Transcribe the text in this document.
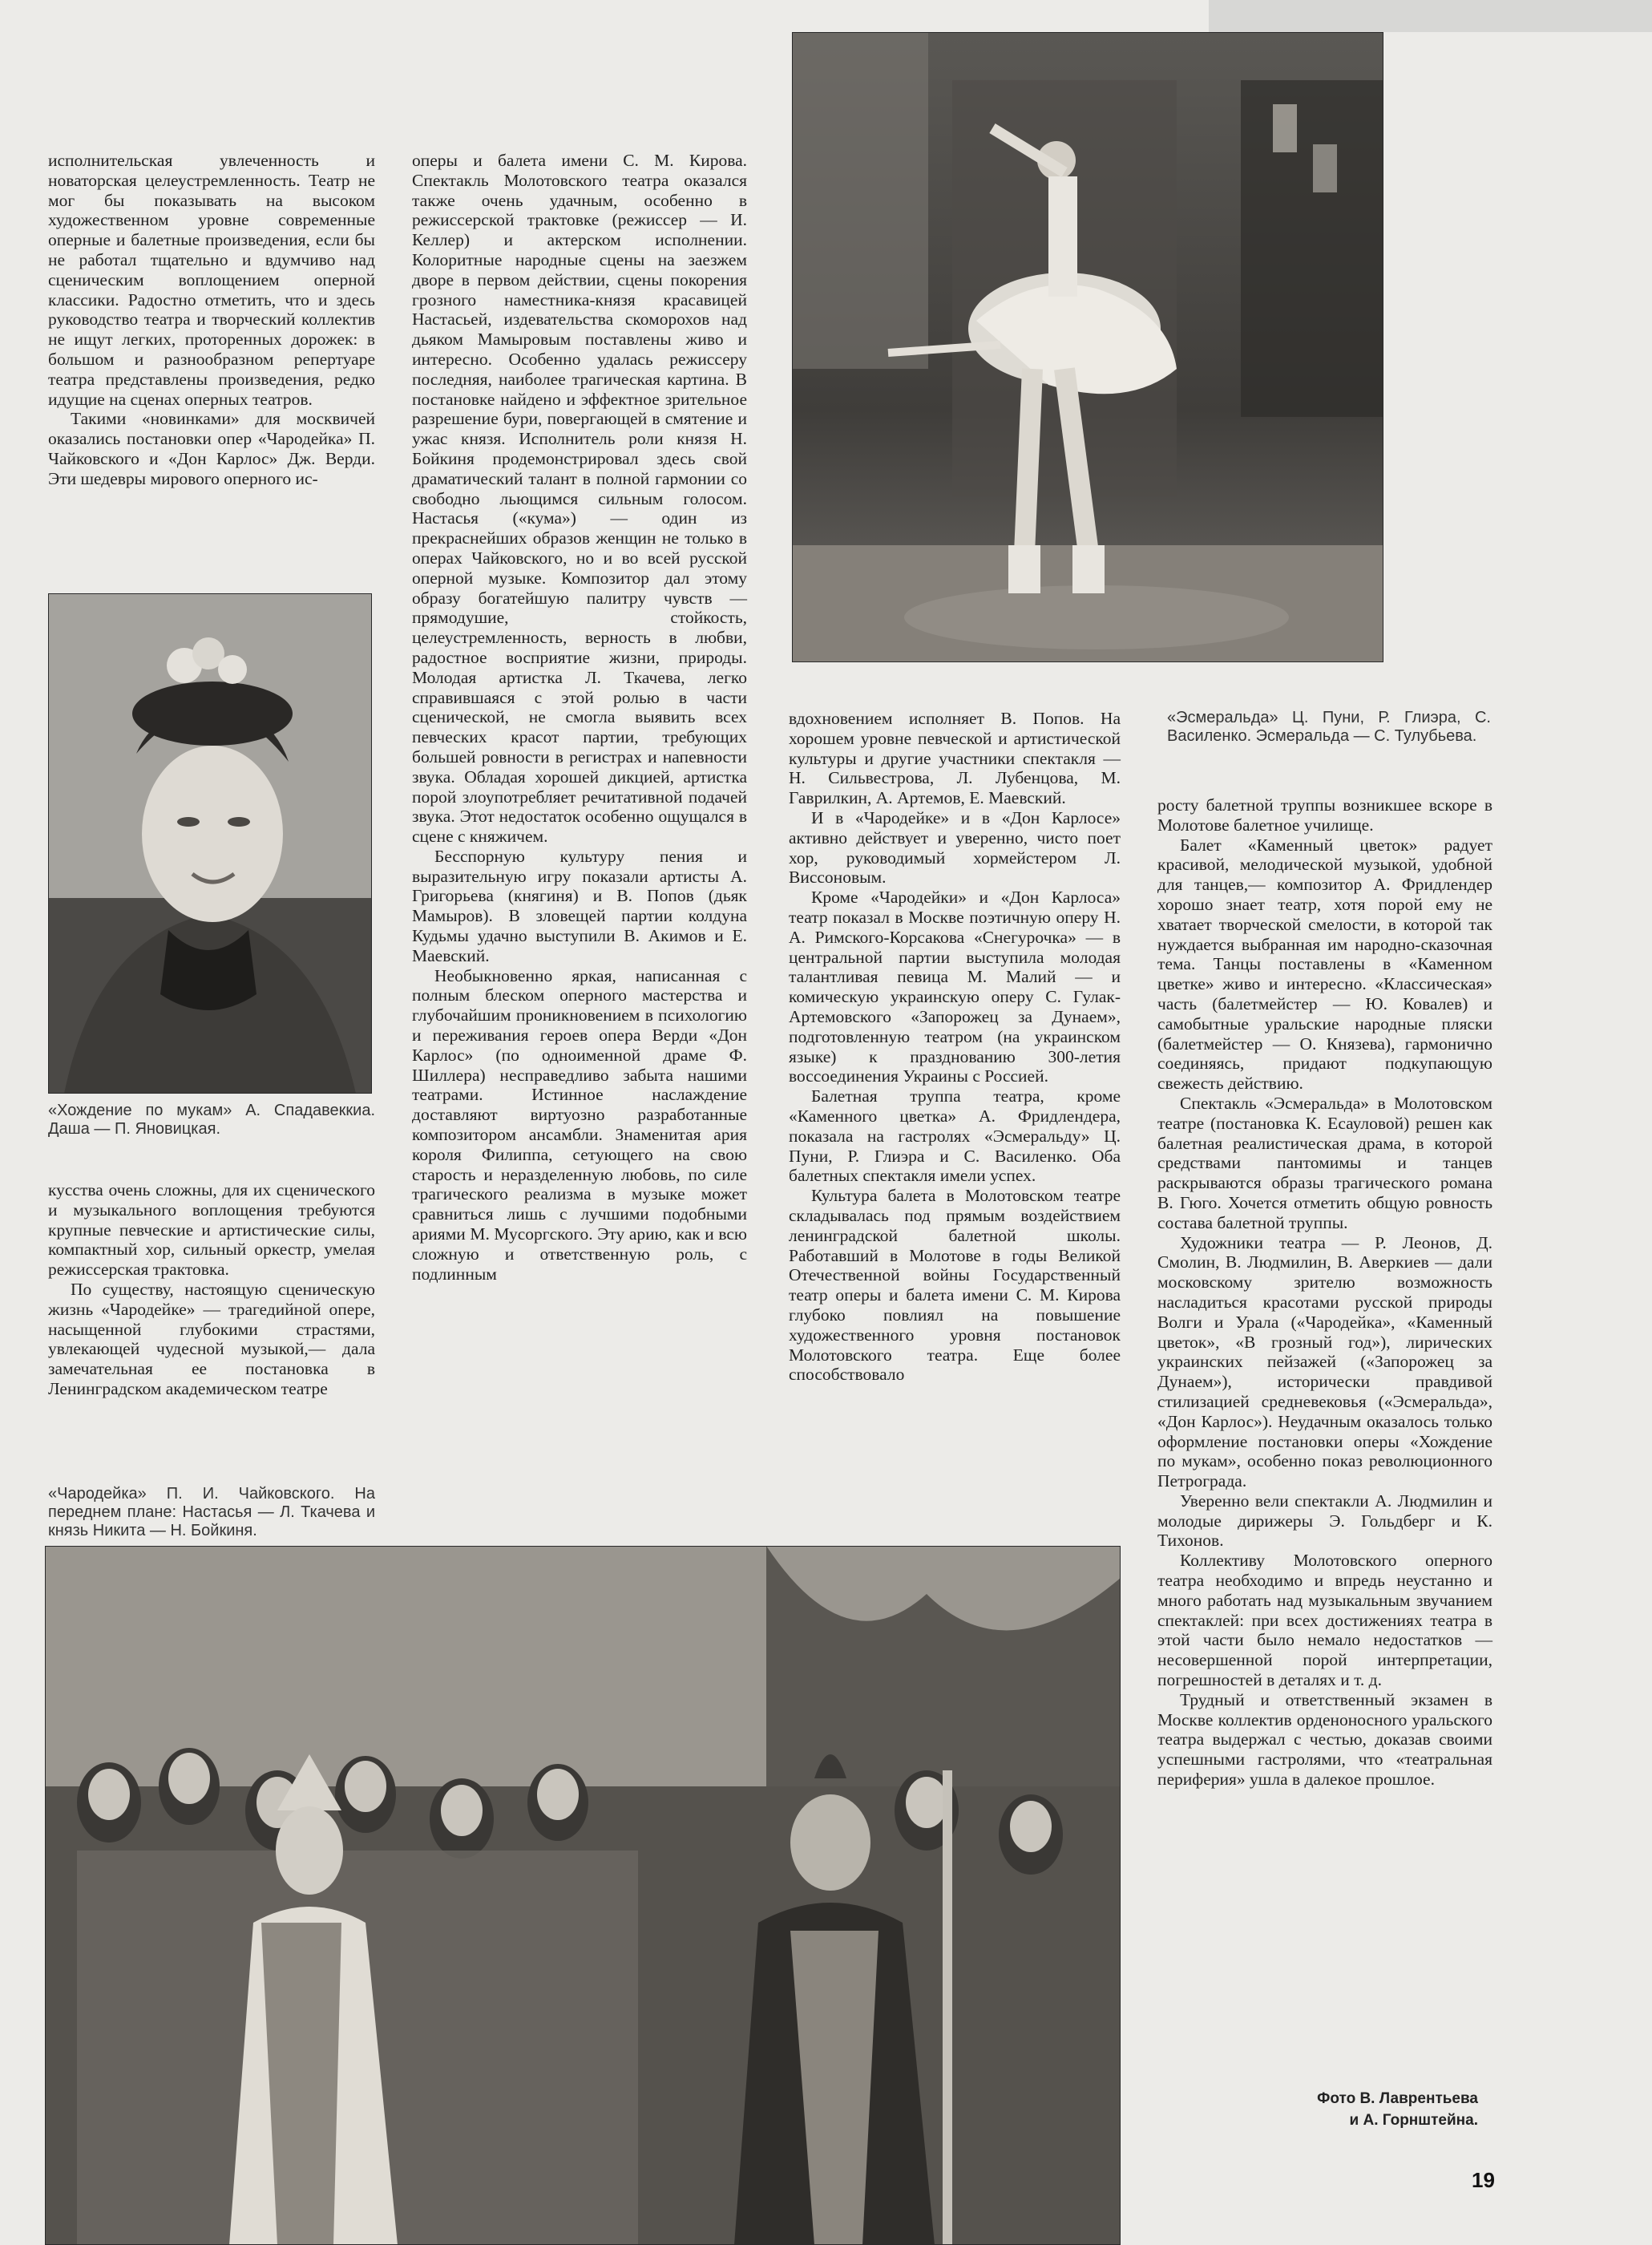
исполнительская увлеченность и новаторская целеустремленность. Театр не мог бы показывать на высоком художественном уровне современные оперные и балетные произведения, если бы не работал тщательно и вдумчиво над сценическим воплощением оперной классики. Радостно отметить, что и здесь руководство театра и творческий коллектив не ищут легких, проторенных дорожек: в большом и разнообразном репертуаре театра представлены произведения, редко идущие на сценах оперных театров.

Такими «новинками» для москвичей оказались постановки опер «Чародейка» П. Чайковского и «Дон Карлос» Дж. Верди. Эти шедевры мирового оперного ис-

«Хождение по мукам» А. Спадавеккиа. Даша — П. Яновицкая.

кусства очень сложны, для их сценического и музыкального воплощения требуются крупные певческие и артистические силы, компактный хор, сильный оркестр, умелая режиссерская трактовка.

По существу, настоящую сценическую жизнь «Чародейке» — трагедийной опере, насыщенной глубокими страстями, увлекающей чудесной музыкой,— дала замечательная ее постановка в Ленинградском академическом театре

«Чародейка» П. И. Чайковского. На переднем плане: Настасья — Л. Ткачева и князь Никита — Н. Бойкиня.

оперы и балета имени С. М. Кирова. Спектакль Молотовского театра оказался также очень удачным, особенно в режиссерской трактовке (режиссер — И. Келлер) и актерском исполнении. Колоритные народные сцены на заезжем дворе в первом действии, сцены покорения грозного наместника-князя красавицей Настасьей, издевательства скоморохов над дьяком Мамыровым поставлены живо и интересно. Особенно удалась режиссеру последняя, наиболее трагическая картина. В постановке найдено и эффектное зрительное разрешение бури, повергающей в смятение и ужас князя. Исполнитель роли князя Н. Бойкиня продемонстрировал здесь свой драматический талант в полной гармонии со свободно льющимся сильным голосом. Настасья («кума») — один из прекраснейших образов женщин не только в операх Чайковского, но и во всей русской оперной музыке. Композитор дал этому образу богатейшую палитру чувств — прямодушие, стойкость, целеустремленность, верность в любви, радостное восприятие жизни, природы. Молодая артистка Л. Ткачева, легко справившаяся с этой ролью в части сценической, не смогла выявить всех певческих красот партии, требующих большей ровности в регистрах и напевности звука. Обладая хорошей дикцией, артистка порой злоупотребляет речитативной подачей звука. Этот недостаток особенно ощущался в сцене с княжичем.

Бесспорную культуру пения и выразительную игру показали артисты А. Григорьева (княгиня) и В. Попов (дьяк Мамыров). В зловещей партии колдуна Кудьмы удачно выступили В. Акимов и Е. Маевский.

Необыкновенно яркая, написанная с полным блеском оперного мастерства и глубочайшим проникновением в психологию и переживания героев опера Верди «Дон Карлос» (по одноименной драме Ф. Шиллера) несправедливо забыта нашими театрами. Истинное наслаждение доставляют виртуозно разработанные композитором ансамбли. Знаменитая ария короля Филиппа, сетующего на свою старость и неразделенную любовь, по силе трагического реализма в музыке может сравниться лишь с лучшими подобными ариями М. Мусоргского. Эту арию, как и всю сложную и ответственную роль, с подлинным

вдохновением исполняет В. Попов. На хорошем уровне певческой и артистической культуры и другие участники спектакля — Н. Сильвестрова, Л. Лубенцова, М. Гаврилкин, А. Артемов, Е. Маевский.

И в «Чародейке» и в «Дон Карлосе» активно действует и уверенно, чисто поет хор, руководимый хормейстером Л. Виссоновым.

Кроме «Чародейки» и «Дон Карлоса» театр показал в Москве поэтичную оперу Н. А. Римского-Корсакова «Снегурочка» — в центральной партии выступила молодая талантливая певица М. Малий — и комическую украинскую оперу С. Гулак-Артемовского «Запорожец за Дунаем», подготовленную театром (на украинском языке) к празднованию 300-летия воссоединения Украины с Россией.

Балетная труппа театра, кроме «Каменного цветка» А. Фридлендера, показала на гастролях «Эсмеральду» Ц. Пуни, Р. Глиэра и С. Василенко. Оба балетных спектакля имели успех.

Культура балета в Молотовском театре складывалась под прямым воздействием ленинградской балетной школы. Работавший в Молотове в годы Великой Отечественной войны Государственный театр оперы и балета имени С. М. Кирова глубоко повлиял на повышение художественного уровня постановок Молотовского театра. Еще более способствовало

«Эсмеральда» Ц. Пуни, Р. Глиэра, С. Василенко. Эсмеральда — С. Тулубьева.

росту балетной труппы возникшее вскоре в Молотове балетное училище.

Балет «Каменный цветок» радует красивой, мелодической музыкой, удобной для танцев,— композитор А. Фридлендер хорошо знает театр, хотя порой ему не хватает творческой смелости, в которой так нуждается выбранная им народно-сказочная тема. Танцы поставлены в «Каменном цветке» живо и интересно. «Классическая» часть (балетмейстер — Ю. Ковалев) и самобытные уральские народные пляски (балетмейстер — О. Князева), гармонично соединяясь, придают подкупающую свежесть действию.

Спектакль «Эсмеральда» в Молотовском театре (постановка К. Есауловой) решен как балетная реалистическая драма, в которой средствами пантомимы и танцев раскрываются образы трагического романа В. Гюго. Хочется отметить общую ровность состава балетной труппы.

Художники театра — Р. Леонов, Д. Смолин, В. Людмилин, В. Аверкиев — дали московскому зрителю возможность насладиться красотами русской природы Волги и Урала («Чародейка», «Каменный цветок», «В грозный год»), лирических украинских пейзажей («Запорожец за Дунаем»), исторически правдивой стилизацией средневековья («Эсмеральда», «Дон Карлос»). Неудачным оказалось только оформление постановки оперы «Хождение по мукам», особенно показ революционного Петрограда.

Уверенно вели спектакли А. Людмилин и молодые дирижеры Э. Гольдберг и К. Тихонов.

Коллективу Молотовского оперного театра необходимо и впредь неустанно и много работать над музыкальным звучанием спектаклей: при всех достижениях театра в этой части было немало недостатков — несовершенной порой интерпретации, погрешностей в деталях и т. д.

Трудный и ответственный экзамен в Москве коллектив орденоносного уральского театра выдержал с честью, доказав своими успешными гастролями, что «театральная периферия» ушла в далекое прошлое.

Фото В. Лаврентьева
и А. Горнштейна.
19
